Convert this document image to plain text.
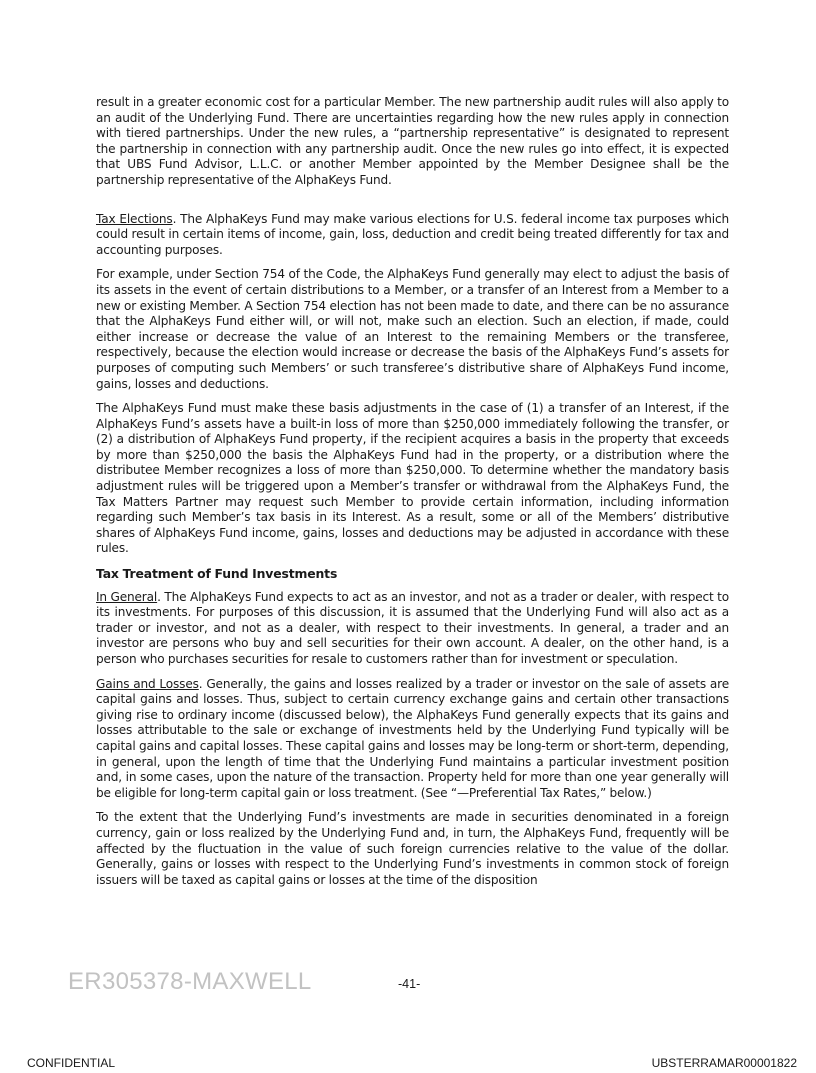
result in a greater economic cost for a particular Member. The new partnership audit rules will also apply to an audit of the Underlying Fund. There are uncertainties regarding how the new rules apply in connection with tiered partnerships. Under the new rules, a “partnership representative” is designated to represent the partnership in connection with any partnership audit. Once the new rules go into effect, it is expected that UBS Fund Advisor, L.L.C. or another Member appointed by the Member Designee shall be the partnership representative of the AlphaKeys Fund.

Tax Elections. The AlphaKeys Fund may make various elections for U.S. federal income tax purposes which could result in certain items of income, gain, loss, deduction and credit being treated differently for tax and accounting purposes.

For example, under Section 754 of the Code, the AlphaKeys Fund generally may elect to adjust the basis of its assets in the event of certain distributions to a Member, or a transfer of an Interest from a Member to a new or existing Member. A Section 754 election has not been made to date, and there can be no assurance that the AlphaKeys Fund either will, or will not, make such an election. Such an election, if made, could either increase or decrease the value of an Interest to the remaining Members or the transferee, respectively, because the election would increase or decrease the basis of the AlphaKeys Fund’s assets for purposes of computing such Members’ or such transferee’s distributive share of AlphaKeys Fund income, gains, losses and deductions.

The AlphaKeys Fund must make these basis adjustments in the case of (1) a transfer of an Interest, if the AlphaKeys Fund’s assets have a built-in loss of more than $250,000 immediately following the transfer, or (2) a distribution of AlphaKeys Fund property, if the recipient acquires a basis in the property that exceeds by more than $250,000 the basis the AlphaKeys Fund had in the property, or a distribution where the distributee Member recognizes a loss of more than $250,000. To determine whether the mandatory basis adjustment rules will be triggered upon a Member’s transfer or withdrawal from the AlphaKeys Fund, the Tax Matters Partner may request such Member to provide certain information, including information regarding such Member’s tax basis in its Interest. As a result, some or all of the Members’ distributive shares of AlphaKeys Fund income, gains, losses and deductions may be adjusted in accordance with these rules.

Tax Treatment of Fund Investments

In General. The AlphaKeys Fund expects to act as an investor, and not as a trader or dealer, with respect to its investments. For purposes of this discussion, it is assumed that the Underlying Fund will also act as a trader or investor, and not as a dealer, with respect to their investments. In general, a trader and an investor are persons who buy and sell securities for their own account. A dealer, on the other hand, is a person who purchases securities for resale to customers rather than for investment or speculation.

Gains and Losses. Generally, the gains and losses realized by a trader or investor on the sale of assets are capital gains and losses. Thus, subject to certain currency exchange gains and certain other transactions giving rise to ordinary income (discussed below), the AlphaKeys Fund generally expects that its gains and losses attributable to the sale or exchange of investments held by the Underlying Fund typically will be capital gains and capital losses. These capital gains and losses may be long-term or short-term, depending, in general, upon the length of time that the Underlying Fund maintains a particular investment position and, in some cases, upon the nature of the transaction. Property held for more than one year generally will be eligible for long-term capital gain or loss treatment. (See “—Preferential Tax Rates,” below.)

To the extent that the Underlying Fund’s investments are made in securities denominated in a foreign currency, gain or loss realized by the Underlying Fund and, in turn, the AlphaKeys Fund, frequently will be affected by the fluctuation in the value of such foreign currencies relative to the value of the dollar. Generally, gains or losses with respect to the Underlying Fund’s investments in common stock of foreign issuers will be taxed as capital gains or losses at the time of the disposition

ER305378-MAXWELL	-41-
CONFIDENTIAL	UBSTERRAMAR00001822
